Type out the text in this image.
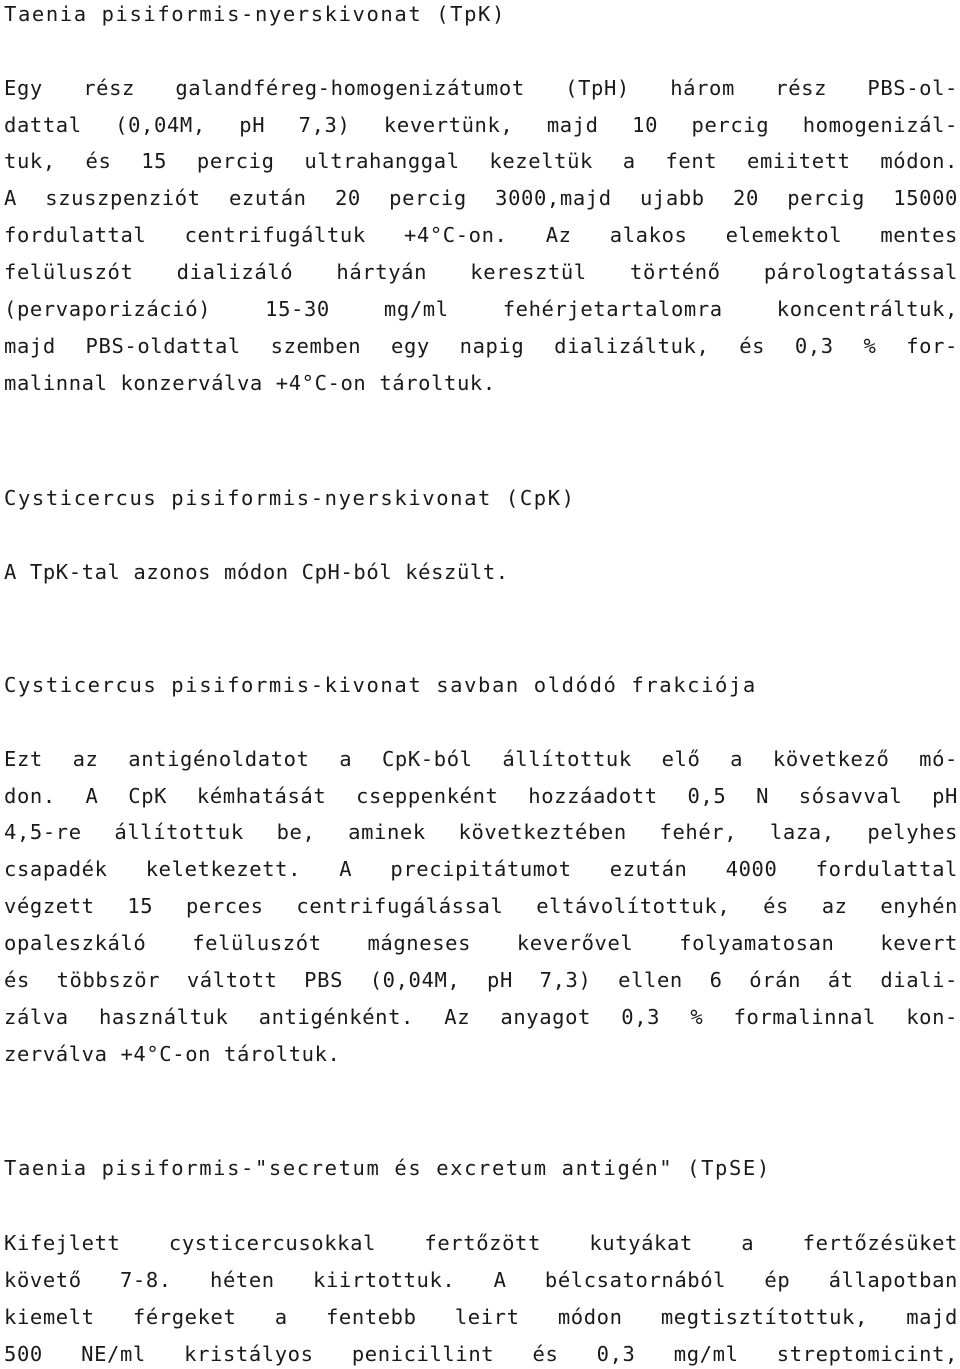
Taenia pisiformis-nyerskivonat (TpK)
Egy rész galandféreg-homogenizátumot (TpH) három rész PBS-ol-
dattal (0,04M, pH 7,3) kevertünk, majd 10 percig homogenizál-
tuk, és 15 percig ultrahanggal kezeltük a fent emiitett módon.
A szuszpenziót ezután 20 percig 3000,majd ujabb 20 percig 15000
fordulattal centrifugáltuk +4°C-on. Az alakos elemektol mentes
felüluszót dializáló hártyán keresztül történő párologtatással
(pervaporizáció) 15-30 mg/ml fehérjetartalomra koncentráltuk,
majd PBS-oldattal szemben egy napig dializáltuk, és 0,3 % for-
malinnal konzerválva +4°C-on tároltuk.
Cysticercus pisiformis-nyerskivonat (CpK)
A TpK-tal azonos módon CpH-ból készült.
Cysticercus pisiformis-kivonat savban oldódó frakciója
Ezt az antigénoldatot a CpK-ból állítottuk elő a következő mó-
don. A CpK kémhatását cseppenként hozzáadott 0,5 N sósavval pH
4,5-re állítottuk be, aminek következtében fehér, laza, pelyhes
csapadék keletkezett. A precipitátumot ezután 4000 fordulattal
végzett 15 perces centrifugálással eltávolítottuk, és az enyhén
opaleszkáló felüluszót mágneses keverővel folyamatosan kevert
és többször váltott PBS (0,04M, pH 7,3) ellen 6 órán át diali-
zálva használtuk antigénként. Az anyagot 0,3 % formalinnal kon-
zerválva +4°C-on tároltuk.
Taenia pisiformis-"secretum és excretum antigén" (TpSE)
Kifejlett cysticercusokkal fertőzött kutyákat a fertőzésüket
követő 7-8. héten kiirtottuk. A bélcsatornából ép állapotban
kiemelt férgeket a fentebb leirt módon megtisztítottuk, majd
500 NE/ml kristályos penicillint és 0,3 mg/ml streptomicint,
